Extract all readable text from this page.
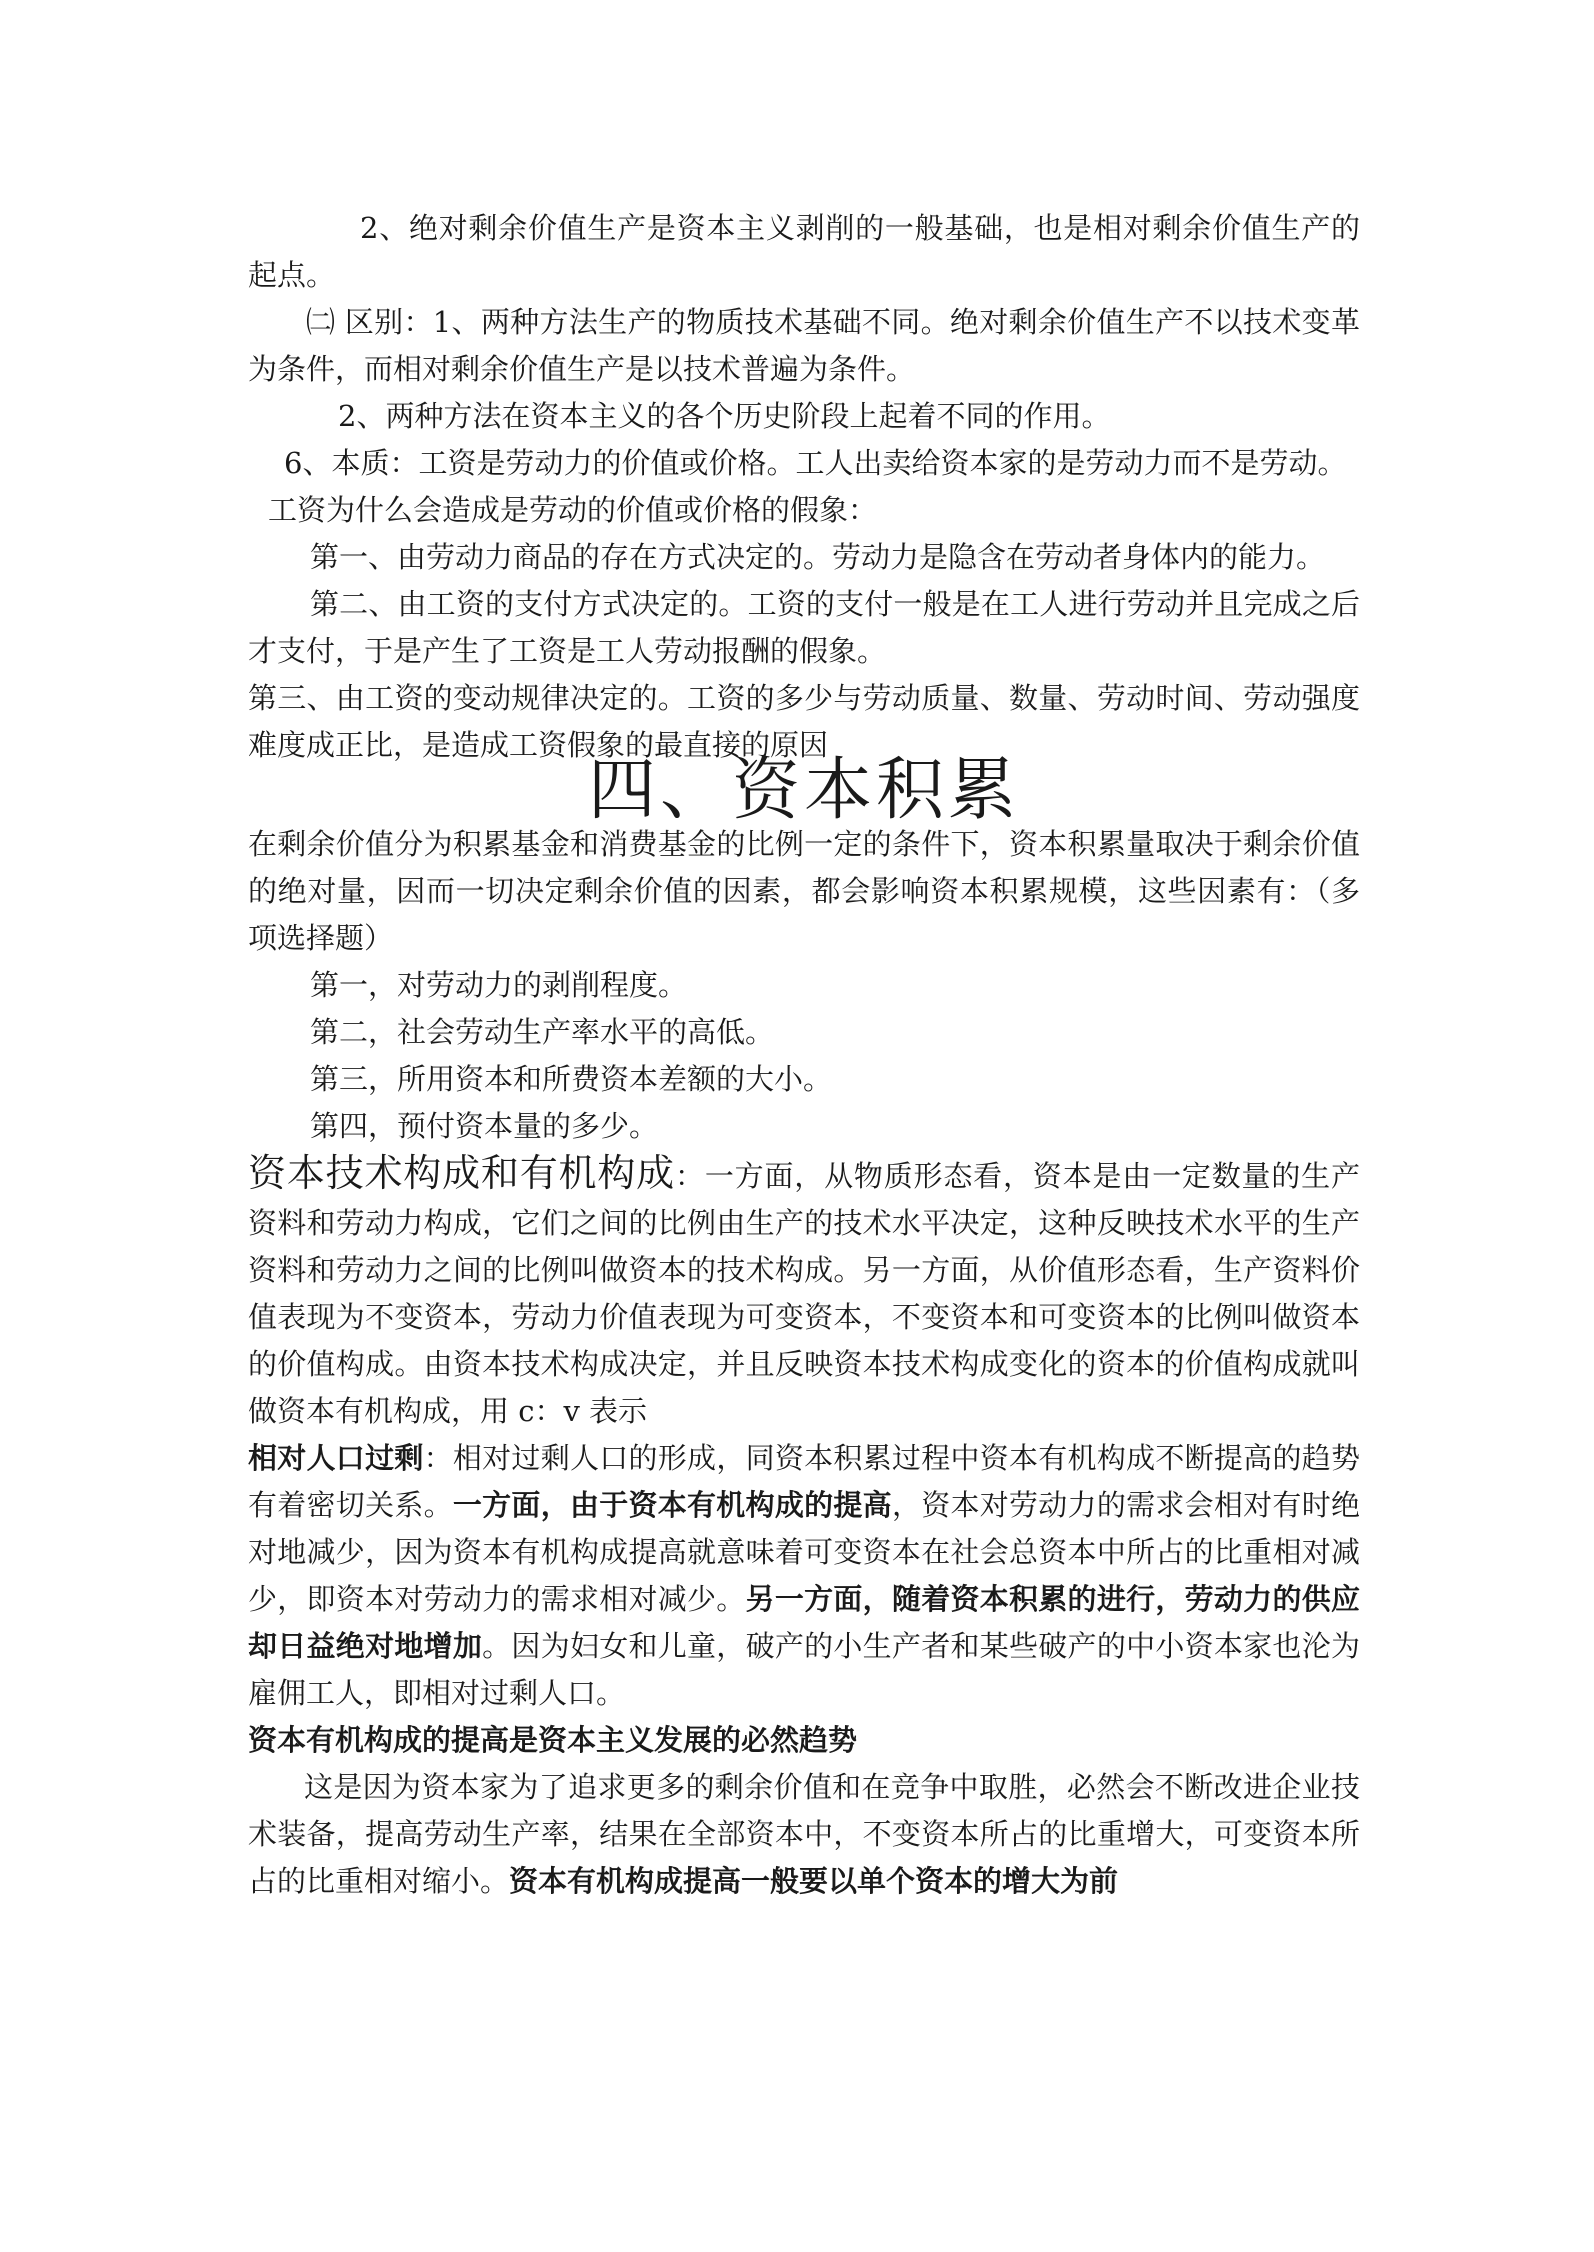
2、绝对剩余价值生产是资本主义剥削的一般基础，也是相对剩余价值生产的起点。

㈡ 区别：1、两种方法生产的物质技术基础不同。绝对剩余价值生产不以技术变革为条件，而相对剩余价值生产是以技术普遍为条件。

2、两种方法在资本主义的各个历史阶段上起着不同的作用。

6、本质：工资是劳动力的价值或价格。工人出卖给资本家的是劳动力而不是劳动。

工资为什么会造成是劳动的价值或价格的假象：

第一、由劳动力商品的存在方式决定的。劳动力是隐含在劳动者身体内的能力。

第二、由工资的支付方式决定的。工资的支付一般是在工人进行劳动并且完成之后才支付，于是产生了工资是工人劳动报酬的假象。

第三、由工资的变动规律决定的。工资的多少与劳动质量、数量、劳动时间、劳动强度难度成正比，是造成工资假象的最直接的原因

四、资本积累

在剩余价值分为积累基金和消费基金的比例一定的条件下，资本积累量取决于剩余价值的绝对量，因而一切决定剩余价值的因素，都会影响资本积累规模，这些因素有：（多项选择题）

第一，对劳动力的剥削程度。

第二，社会劳动生产率水平的高低。

第三，所用资本和所费资本差额的大小。

第四，预付资本量的多少。

资本技术构成和有机构成：一方面，从物质形态看，资本是由一定数量的生产资料和劳动力构成，它们之间的比例由生产的技术水平决定，这种反映技术水平的生产资料和劳动力之间的比例叫做资本的技术构成。另一方面，从价值形态看，生产资料价值表现为不变资本，劳动力价值表现为可变资本，不变资本和可变资本的比例叫做资本的价值构成。由资本技术构成决定，并且反映资本技术构成变化的资本的价值构成就叫做资本有机构成，用 c：v 表示

相对人口过剩：相对过剩人口的形成，同资本积累过程中资本有机构成不断提高的趋势有着密切关系。一方面，由于资本有机构成的提高，资本对劳动力的需求会相对有时绝对地减少，因为资本有机构成提高就意味着可变资本在社会总资本中所占的比重相对减少，即资本对劳动力的需求相对减少。另一方面，随着资本积累的进行，劳动力的供应却日益绝对地增加。因为妇女和儿童，破产的小生产者和某些破产的中小资本家也沦为雇佣工人，即相对过剩人口。

资本有机构成的提高是资本主义发展的必然趋势

这是因为资本家为了追求更多的剩余价值和在竞争中取胜，必然会不断改进企业技术装备，提高劳动生产率，结果在全部资本中，不变资本所占的比重增大，可变资本所占的比重相对缩小。资本有机构成提高一般要以单个资本的增大为前
